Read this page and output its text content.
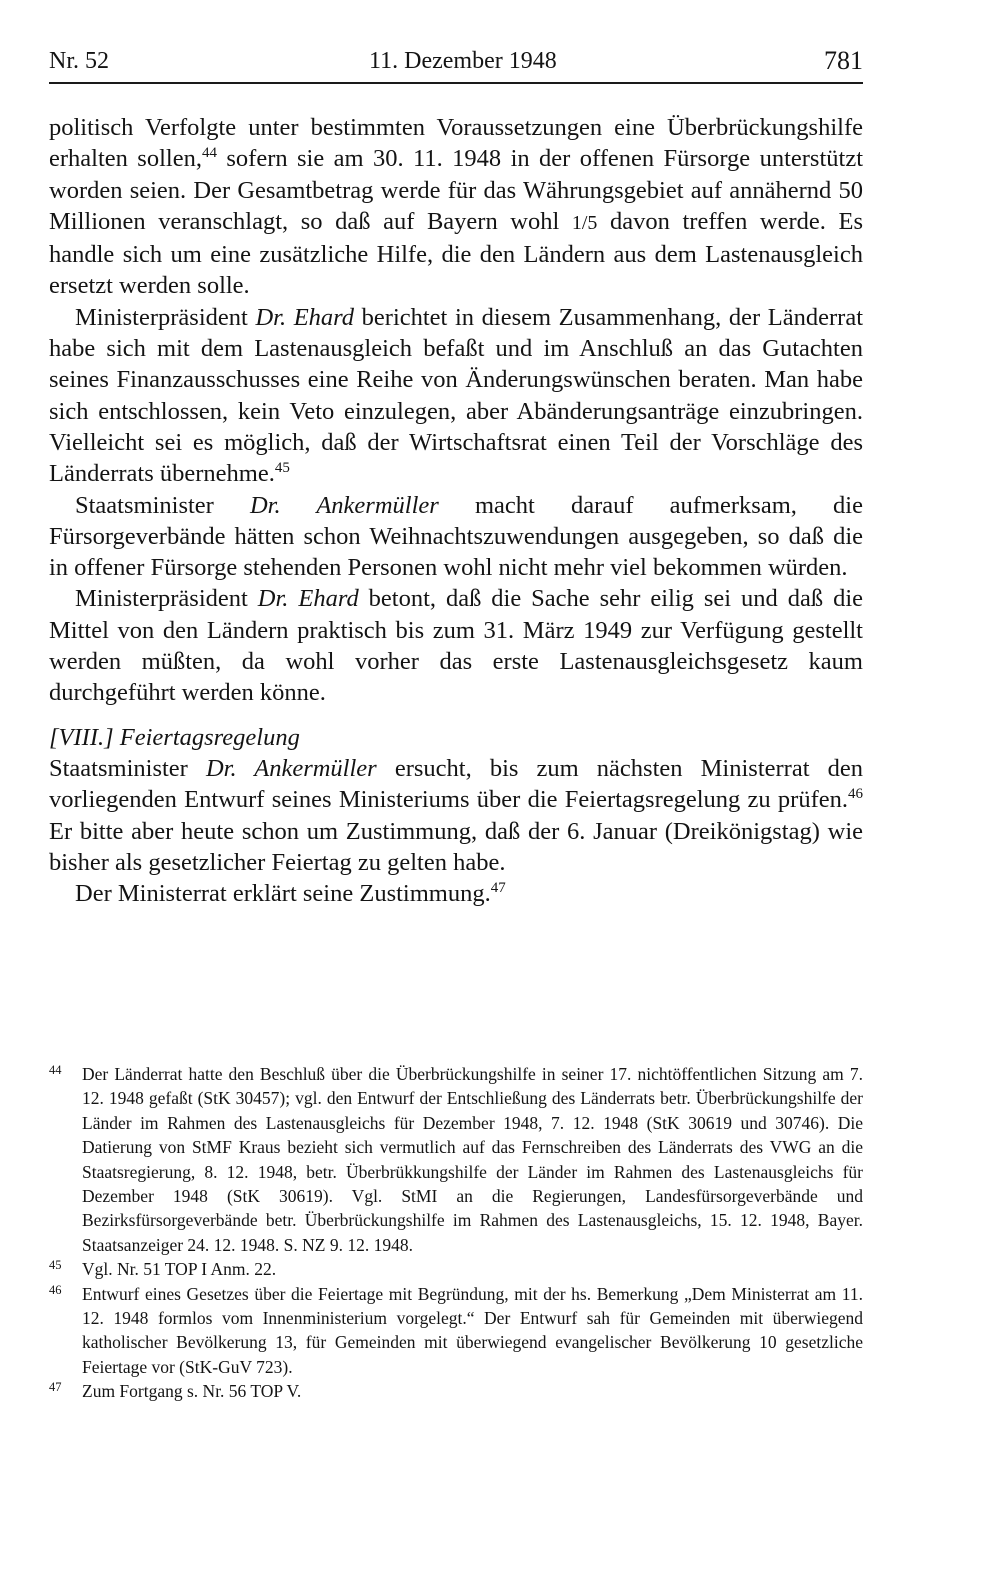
Nr. 52	11. Dezember 1948	781

politisch Verfolgte unter bestimmten Voraussetzungen eine Überbrückungshilfe erhalten sollen,$^{44}$ sofern sie am 30. 11. 1948 in der offenen Fürsorge unterstützt worden seien. Der Gesamtbetrag werde für das Währungsgebiet auf annähernd 50 Millionen veranschlagt, so daß auf Bayern wohl 1/5 davon treffen werde. Es handle sich um eine zusätzliche Hilfe, die den Ländern aus dem Lastenausgleich ersetzt werden solle.

Ministerpräsident Dr. Ehard berichtet in diesem Zusammenhang, der Länderrat habe sich mit dem Lastenausgleich befaßt und im Anschluß an das Gutachten seines Finanzausschusses eine Reihe von Änderungswünschen beraten. Man habe sich entschlossen, kein Veto einzulegen, aber Abänderungsanträge einzubringen. Vielleicht sei es möglich, daß der Wirtschaftsrat einen Teil der Vorschläge des Länderrats übernehme.$^{45}$

Staatsminister Dr. Ankermüller macht darauf aufmerksam, die Fürsorgeverbände hätten schon Weihnachtszuwendungen ausgegeben, so daß die in offener Fürsorge stehenden Personen wohl nicht mehr viel bekommen würden.

Ministerpräsident Dr. Ehard betont, daß die Sache sehr eilig sei und daß die Mittel von den Ländern praktisch bis zum 31. März 1949 zur Verfügung gestellt werden müßten, da wohl vorher das erste Lastenausgleichsgesetz kaum durchgeführt werden könne.

[VIII.] Feiertagsregelung

Staatsminister Dr. Ankermüller ersucht, bis zum nächsten Ministerrat den vorliegenden Entwurf seines Ministeriums über die Feiertagsregelung zu prüfen.$^{46}$ Er bitte aber heute schon um Zustimmung, daß der 6. Januar (Dreikönigstag) wie bisher als gesetzlicher Feiertag zu gelten habe.

Der Ministerrat erklärt seine Zustimmung.$^{47}$

44 Der Länderrat hatte den Beschluß über die Überbrückungshilfe in seiner 17. nichtöffentlichen Sitzung am 7. 12. 1948 gefaßt (StK 30457); vgl. den Entwurf der Entschließung des Länderrats betr. Überbrückungshilfe der Länder im Rahmen des Lastenausgleichs für Dezember 1948, 7. 12. 1948 (StK 30619 und 30746). Die Datierung von StMF Kraus bezieht sich vermutlich auf das Fernschreiben des Länderrats des VWG an die Staatsregierung, 8. 12. 1948, betr. Überbrükkungshilfe der Länder im Rahmen des Lastenausgleichs für Dezember 1948 (StK 30619). Vgl. StMI an die Regierungen, Landesfürsorgeverbände und Bezirksfürsorgeverbände betr. Überbrückungshilfe im Rahmen des Lastenausgleichs, 15. 12. 1948, Bayer. Staatsanzeiger 24. 12. 1948. S. NZ 9. 12. 1948.
45 Vgl. Nr. 51 TOP I Anm. 22.
46 Entwurf eines Gesetzes über die Feiertage mit Begründung, mit der hs. Bemerkung „Dem Ministerrat am 11. 12. 1948 formlos vom Innenministerium vorgelegt.“ Der Entwurf sah für Gemeinden mit überwiegend katholischer Bevölkerung 13, für Gemeinden mit überwiegend evangelischer Bevölkerung 10 gesetzliche Feiertage vor (StK-GuV 723).
47 Zum Fortgang s. Nr. 56 TOP V.
